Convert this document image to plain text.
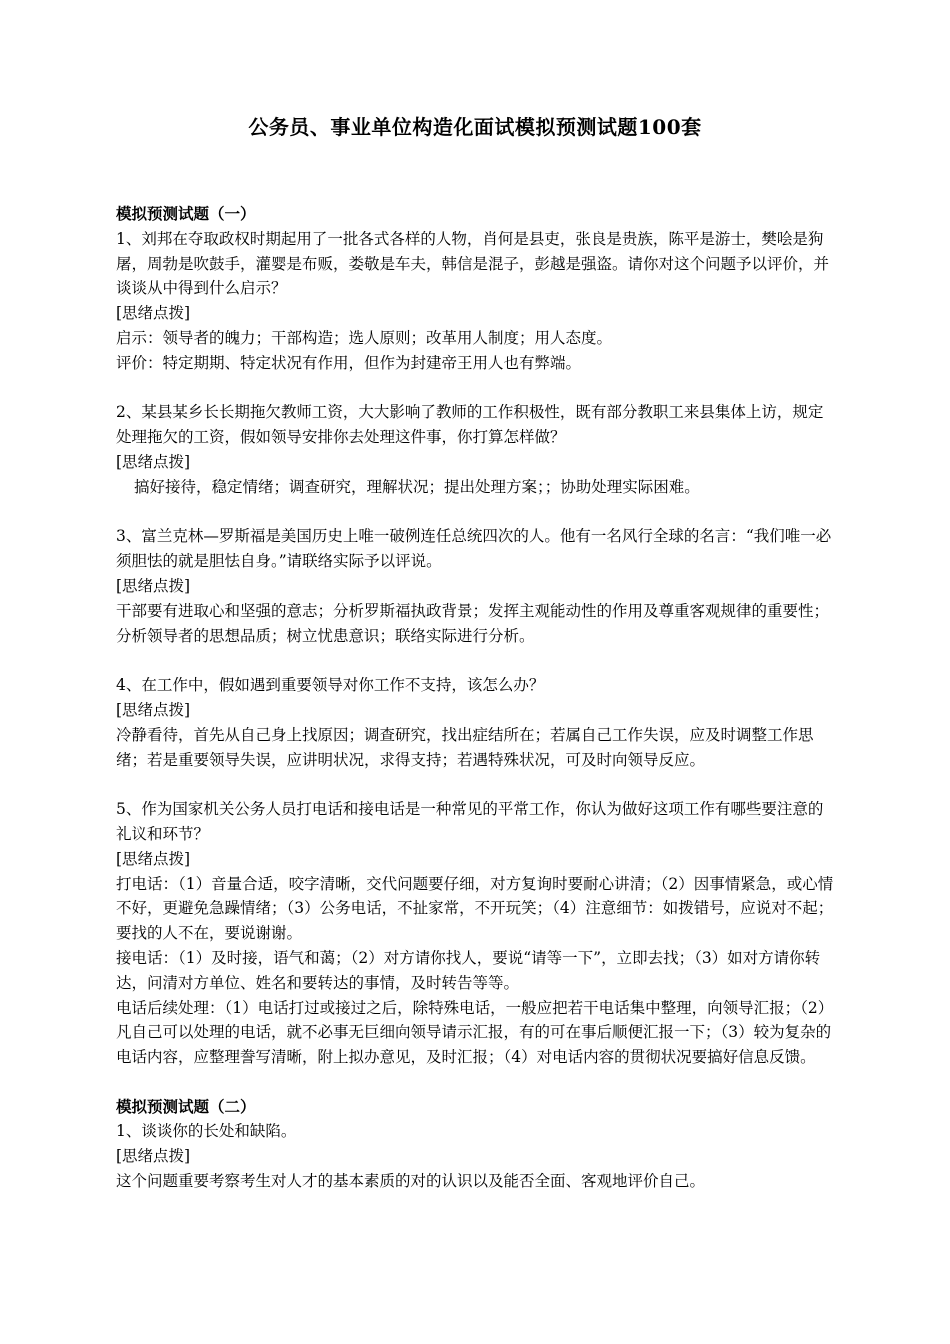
公务员、事业单位构造化面试模拟预测试题100套
模拟预测试题（一）
1、刘邦在夺取政权时期起用了一批各式各样的人物，肖何是县吏，张良是贵族，陈平是游士，樊哙是狗屠，周勃是吹鼓手，灌婴是布贩，娄敬是车夫，韩信是混子，彭越是强盗。请你对这个问题予以评价，并谈谈从中得到什么启示？
[思绪点拨]
启示：领导者的魄力；干部构造；选人原则；改革用人制度；用人态度。
评价：特定期期、特定状况有作用，但作为封建帝王用人也有弊端。
2、某县某乡长长期拖欠教师工资，大大影响了教师的工作积极性，既有部分教职工来县集体上访，规定处理拖欠的工资，假如领导安排你去处理这件事，你打算怎样做？
[思绪点拨]
搞好接待，稳定情绪；调查研究，理解状况；提出处理方案；；协助处理实际困难。
3、富兰克林—罗斯福是美国历史上唯一破例连任总统四次的人。他有一名风行全球的名言：“我们唯一必须胆怯的就是胆怯自身。”请联络实际予以评说。
[思绪点拨]
干部要有进取心和坚强的意志；分析罗斯福执政背景；发挥主观能动性的作用及尊重客观规律的重要性；分析领导者的思想品质；树立忧患意识；联络实际进行分析。
4、在工作中，假如遇到重要领导对你工作不支持，该怎么办？
[思绪点拨]
冷静看待，首先从自己身上找原因；调查研究，找出症结所在；若属自己工作失误，应及时调整工作思绪；若是重要领导失误，应讲明状况，求得支持；若遇特殊状况，可及时向领导反应。
5、作为国家机关公务人员打电话和接电话是一种常见的平常工作，你认为做好这项工作有哪些要注意的礼议和环节？
[思绪点拨]
打电话：（1）音量合适，咬字清晰，交代问题要仔细，对方复询时要耐心讲清；（2）因事情紧急，或心情不好，更避免急躁情绪；（3）公务电话，不扯家常，不开玩笑；（4）注意细节：如拨错号，应说对不起；要找的人不在，要说谢谢。
接电话：（1）及时接，语气和蔼；（2）对方请你找人，要说“请等一下”，立即去找；（3）如对方请你转达，问清对方单位、姓名和要转达的事情，及时转告等等。
电话后续处理：（1）电话打过或接过之后，除特殊电话，一般应把若干电话集中整理，向领导汇报；（2）凡自己可以处理的电话，就不必事无巨细向领导请示汇报，有的可在事后顺便汇报一下；（3）较为复杂的电话内容，应整理誊写清晰，附上拟办意见，及时汇报；（4）对电话内容的贯彻状况要搞好信息反馈。
模拟预测试题（二）
1、谈谈你的长处和缺陷。
[思绪点拨]
这个问题重要考察考生对人才的基本素质的对的认识以及能否全面、客观地评价自己。
